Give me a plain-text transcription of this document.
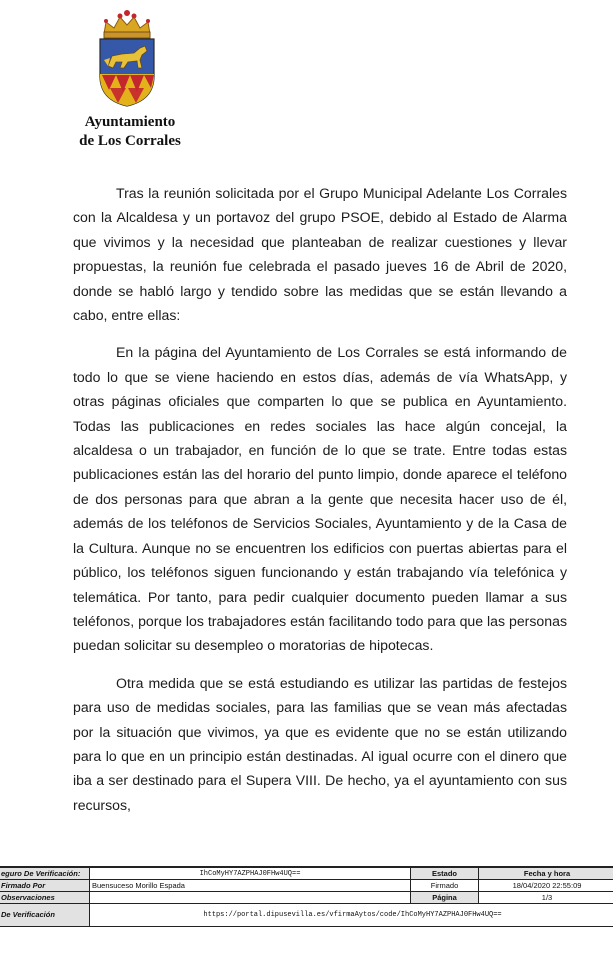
Ayuntamiento
de Los Corrales

Tras la reunión solicitada por el Grupo Municipal Adelante Los Corrales con la Alcaldesa y un portavoz del grupo PSOE, debido al Estado de Alarma que vivimos y la necesidad que planteaban de realizar cuestiones y llevar propuestas, la reunión fue celebrada el pasado jueves 16 de Abril de 2020, donde se habló largo y tendido sobre las medidas que se están llevando a cabo, entre ellas:

En la página del Ayuntamiento de Los Corrales se está informando de todo lo que se viene haciendo en estos días, además de vía WhatsApp, y otras páginas oficiales que comparten lo que se publica en Ayuntamiento. Todas las publicaciones en redes sociales las hace algún concejal, la alcaldesa o un trabajador, en función de lo que se trate. Entre todas estas publicaciones están las del horario del punto limpio, donde aparece el teléfono de dos personas para que abran a la gente que necesita hacer uso de él, además de los teléfonos de Servicios Sociales, Ayuntamiento y de la Casa de la Cultura. Aunque no se encuentren los edificios con puertas abiertas para el público, los teléfonos siguen funcionando y están trabajando vía telefónica y telemática. Por tanto, para pedir cualquier documento pueden llamar a sus teléfonos, porque los trabajadores están facilitando todo para que las personas puedan solicitar su desempleo o moratorias de hipotecas.

Otra medida que se está estudiando es utilizar las partidas de festejos para uso de medidas sociales, para las familias que se vean más afectadas por la situación que vivimos, ya que es evidente que no se están utilizando para lo que en un principio están destinadas. Al igual ocurre con el dinero que iba a ser destinado para el Supera VIII. De hecho, ya el ayuntamiento con sus recursos,

eguro De Verificación:	IhCoMyHY7AZPHAJ0FHw4UQ==	Estado	Fecha y hora
Firmado Por	Buensuceso Morillo Espada	Firmado	18/04/2020 22:55:09
Observaciones		Página	1/3
De Verificación	https://portal.dipusevilla.es/vfirmaAytos/code/IhCoMyHY7AZPHAJ0FHw4UQ==		
